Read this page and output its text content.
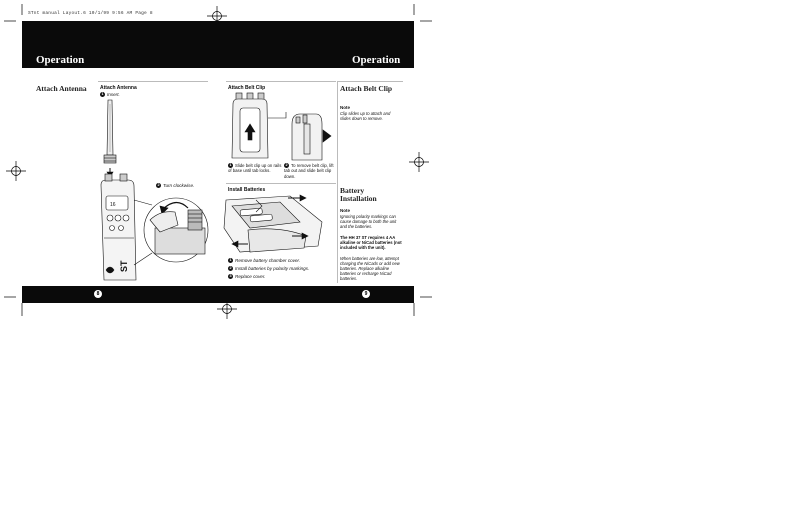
STnt manual Layout.6 10/1/99 9:56 AM Page 8
Operation	Operation
Attach Antenna	Attach Antenna
1 Insert.
2 Turn clockwise.
16
ST
8	9
Attach Belt Clip
1 Slide belt clip up on rails of base until tab locks.
2 To remove belt clip, lift tab out and slide belt clip down.
Install Batteries
1 Remove battery chamber cover.
2 Install batteries by polarity markings.
3 Replace cover.
Attach Belt Clip
Note
Clip slides up to attach and slides down to remove.
Battery
Installation
Note
Ignoring polarity markings can cause damage to both the unit and the batteries.
The HH 37 ST requires 4 AA alkaline or NiCad batteries (not included with the unit).
When batteries are low, attempt charging the NiCads or add new batteries. Replace alkaline batteries or recharge NiCad batteries.
